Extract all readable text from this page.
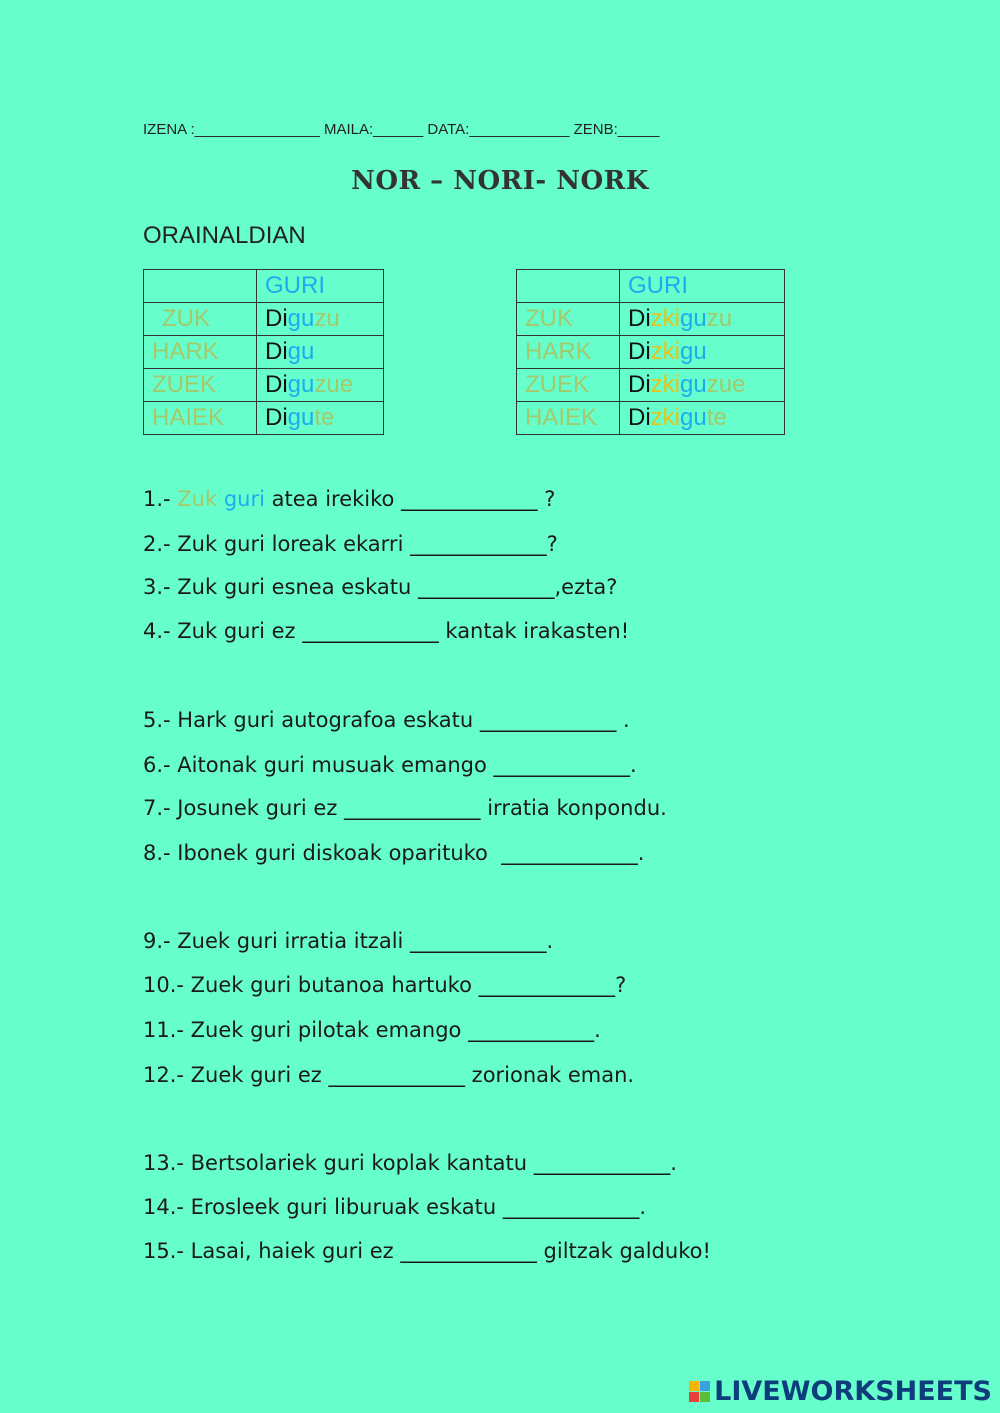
IZENA :_______________ MAILA:______ DATA:____________ ZENB:_____
NOR – NORI- NORK
ORAINALDIAN
	GURI
ZUK	Diguzu
HARK	Digu
ZUEK	Diguzue
HAIEK	Digute
	GURI
ZUK	Dizkiguzu
HARK	Dizkigu
ZUEK	Dizkiguzue
HAIEK	Dizkigute
1.- Zuk guri atea irekiko _____________ ?
2.- Zuk guri loreak ekarri _____________?
3.- Zuk guri esnea eskatu _____________,ezta?
4.- Zuk guri ez _____________ kantak irakasten!
5.- Hark guri autografoa eskatu _____________ .
6.- Aitonak guri musuak emango _____________.
7.- Josunek guri ez _____________ irratia konpondu.
8.- Ibonek guri diskoak oparituko  _____________.
9.- Zuek guri irratia itzali _____________.
10.- Zuek guri butanoa hartuko _____________?
11.- Zuek guri pilotak emango ____________.
12.- Zuek guri ez _____________ zorionak eman.
13.- Bertsolariek guri koplak kantatu _____________.
14.- Erosleek guri liburuak eskatu _____________.
15.- Lasai, haiek guri ez _____________ giltzak galduko!
LIVEWORKSHEETS
